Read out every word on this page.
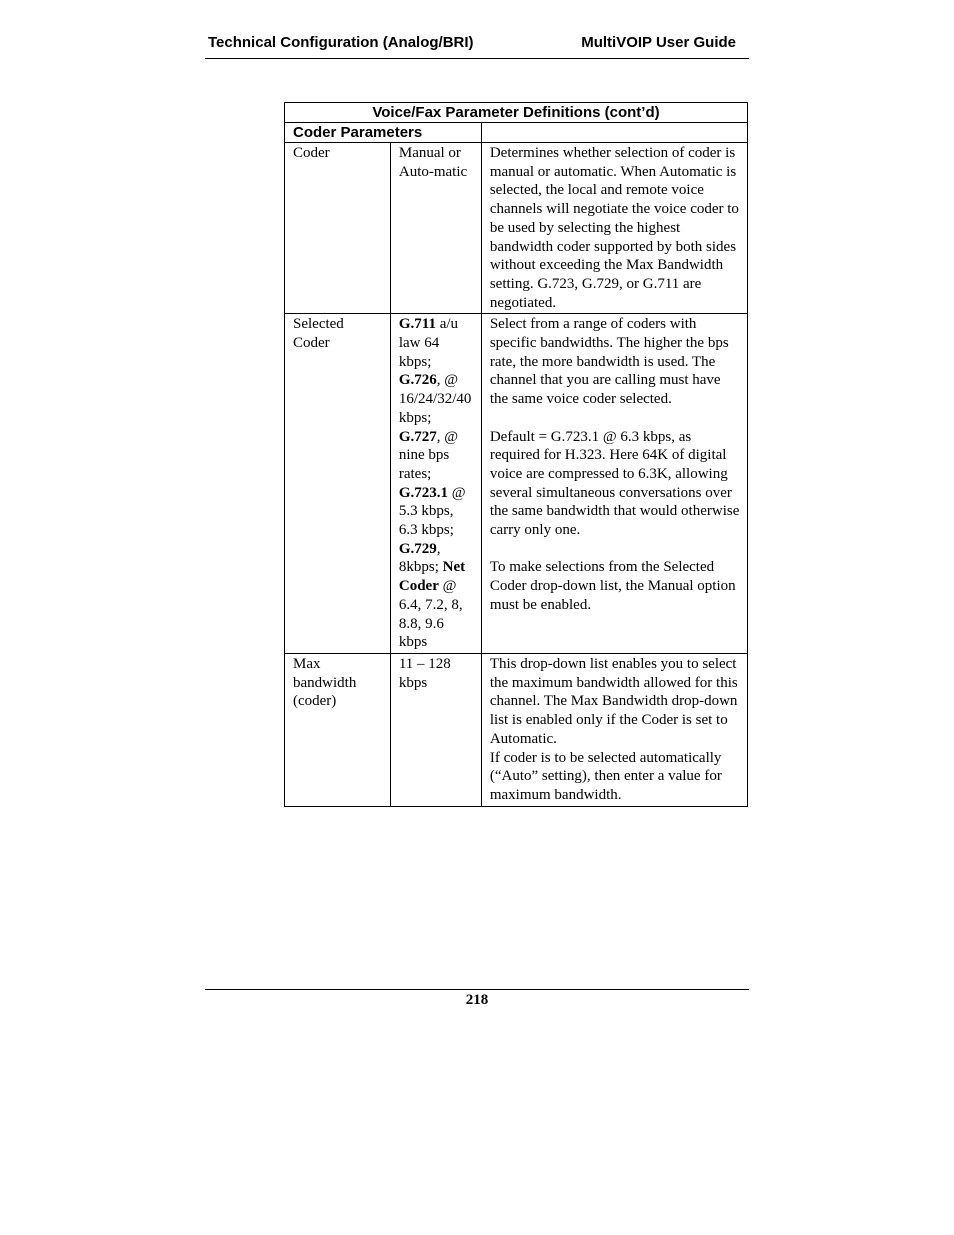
Technical Configuration (Analog/BRI)	MultiVOIP User Guide
Voice/Fax Parameter Definitions (cont’d)		
Coder Parameters		
Coder	Manual or Auto-matic	Determines whether selection of coder is manual or automatic. When Automatic is selected, the local and remote voice channels will negotiate the voice coder to be used by selecting the highest bandwidth coder supported by both sides without exceeding the Max Bandwidth setting. G.723, G.729, or G.711 are negotiated.
Selected Coder	G.711 a/u law 64 kbps; G.726, @ 16/24/32/40 kbps; G.727, @ nine bps rates; G.723.1 @ 5.3 kbps, 6.3 kbps; G.729, 8kbps; Net Coder @ 6.4, 7.2, 8, 8.8, 9.6 kbps	Select from a range of coders with specific bandwidths. The higher the bps rate, the more bandwidth is used. The channel that you are calling must have the same voice coder selected.
Default = G.723.1 @ 6.3 kbps, as required for H.323. Here 64K of digital voice are compressed to 6.3K, allowing several simultaneous conversations over the same bandwidth that would otherwise carry only one.
To make selections from the Selected Coder drop-down list, the Manual option must be enabled.

Max bandwidth (coder)	11 – 128 kbps	This drop-down list enables you to select the maximum bandwidth allowed for this channel. The Max Bandwidth drop-down list is enabled only if the Coder is set to Automatic.
If coder is to be selected automatically (“Auto” setting), then enter a value for maximum bandwidth.
218
